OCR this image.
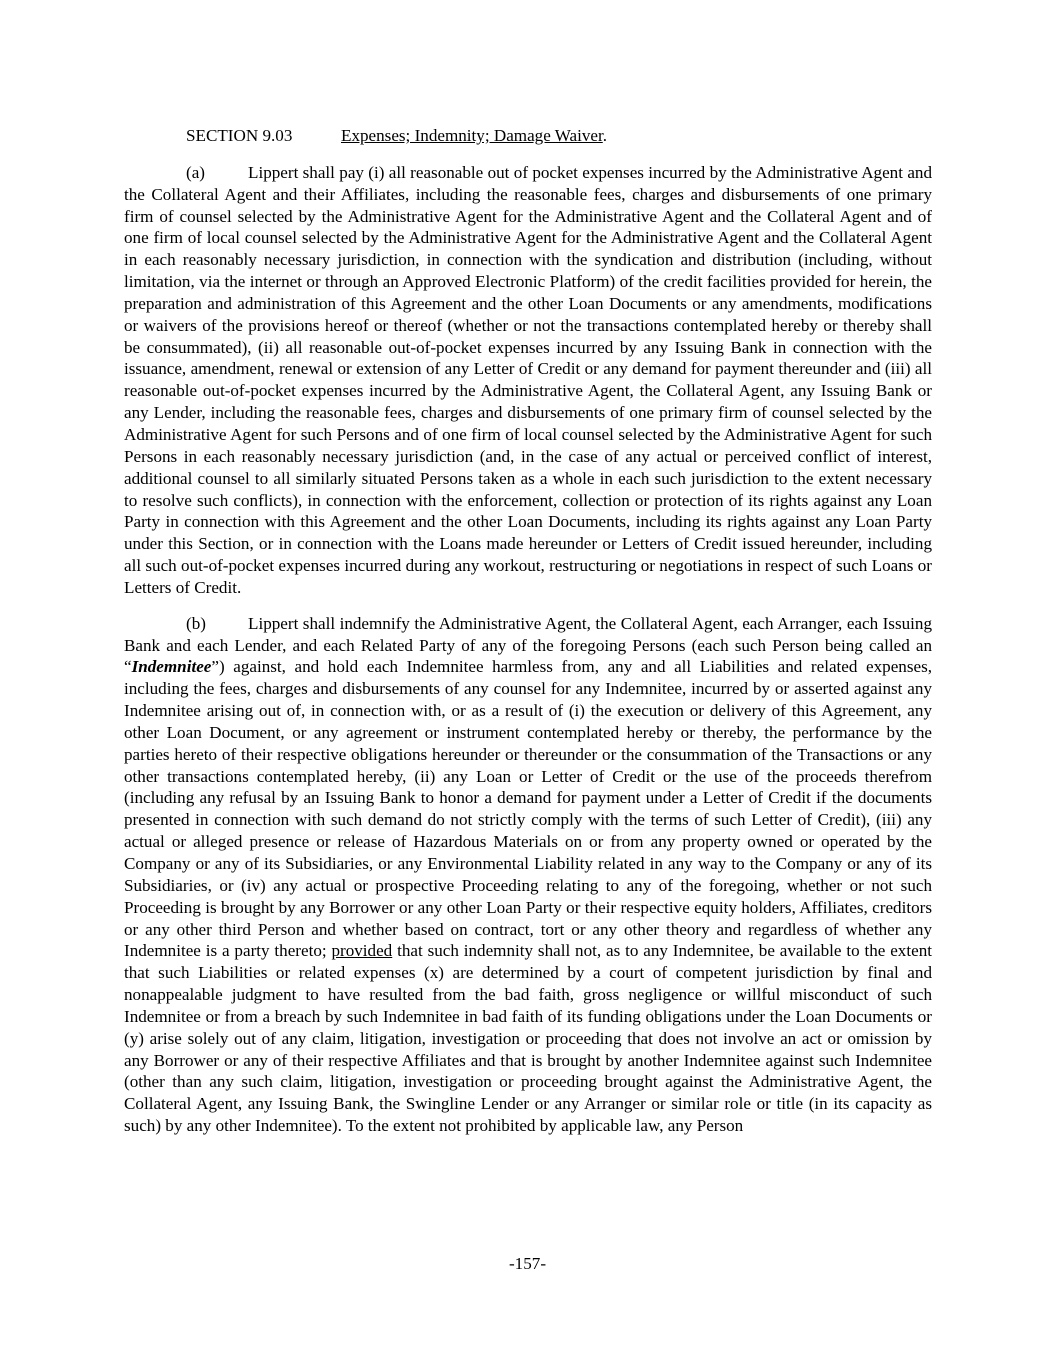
SECTION 9.03	Expenses; Indemnity; Damage Waiver.

(a)	Lippert shall pay (i) all reasonable out of pocket expenses incurred by the Administrative Agent and the Collateral Agent and their Affiliates, including the reasonable fees, charges and disbursements of one primary firm of counsel selected by the Administrative Agent for the Administrative Agent and the Collateral Agent and of one firm of local counsel selected by the Administrative Agent for the Administrative Agent and the Collateral Agent in each reasonably necessary jurisdiction, in connection with the syndication and distribution (including, without limitation, via the internet or through an Approved Electronic Platform) of the credit facilities provided for herein, the preparation and administration of this Agreement and the other Loan Documents or any amendments, modifications or waivers of the provisions hereof or thereof (whether or not the transactions contemplated hereby or thereby shall be consummated), (ii) all reasonable out-of-pocket expenses incurred by any Issuing Bank in connection with the issuance, amendment, renewal or extension of any Letter of Credit or any demand for payment thereunder and (iii) all reasonable out-of-pocket expenses incurred by the Administrative Agent, the Collateral Agent, any Issuing Bank or any Lender, including the reasonable fees, charges and disbursements of one primary firm of counsel selected by the Administrative Agent for such Persons and of one firm of local counsel selected by the Administrative Agent for such Persons in each reasonably necessary jurisdiction (and, in the case of any actual or perceived conflict of interest, additional counsel to all similarly situated Persons taken as a whole in each such jurisdiction to the extent necessary to resolve such conflicts), in connection with the enforcement, collection or protection of its rights against any Loan Party in connection with this Agreement and the other Loan Documents, including its rights against any Loan Party under this Section, or in connection with the Loans made hereunder or Letters of Credit issued hereunder, including all such out-of-pocket expenses incurred during any workout, restructuring or negotiations in respect of such Loans or Letters of Credit.

(b) Lippert shall indemnify the Administrative Agent, the Collateral Agent, each Arranger, each Issuing Bank and each Lender, and each Related Party of any of the foregoing Persons (each such Person being called an “Indemnitee”) against, and hold each Indemnitee harmless from, any and all Liabilities and related expenses, including the fees, charges and disbursements of any counsel for any Indemnitee, incurred by or asserted against any Indemnitee arising out of, in connection with, or as a result of (i) the execution or delivery of this Agreement, any other Loan Document, or any agreement or instrument contemplated hereby or thereby, the performance by the parties hereto of their respective obligations hereunder or thereunder or the consummation of the Transactions or any other transactions contemplated hereby, (ii) any Loan or Letter of Credit or the use of the proceeds therefrom (including any refusal by an Issuing Bank to honor a demand for payment under a Letter of Credit if the documents presented in connection with such demand do not strictly comply with the terms of such Letter of Credit), (iii) any actual or alleged presence or release of Hazardous Materials on or from any property owned or operated by the Company or any of its Subsidiaries, or any Environmental Liability related in any way to the Company or any of its Subsidiaries, or (iv) any actual or prospective Proceeding relating to any of the foregoing, whether or not such Proceeding is brought by any Borrower or any other Loan Party or their respective equity holders, Affiliates, creditors or any other third Person and whether based on contract, tort or any other theory and regardless of whether any Indemnitee is a party thereto; provided that such indemnity shall not, as to any Indemnitee, be available to the extent that such Liabilities or related expenses (x) are determined by a court of competent jurisdiction by final and nonappealable judgment to have resulted from the bad faith, gross negligence or willful misconduct of such Indemnitee or from a breach by such Indemnitee in bad faith of its funding obligations under the Loan Documents or (y) arise solely out of any claim, litigation, investigation or proceeding that does not involve an act or omission by any Borrower or any of their respective Affiliates and that is brought by another Indemnitee against such Indemnitee (other than any such claim, litigation, investigation or proceeding brought against the Administrative Agent, the Collateral Agent, any Issuing Bank, the Swingline Lender or any Arranger or similar role or title (in its capacity as such) by any other Indemnitee). To the extent not prohibited by applicable law, any Person

-157-
